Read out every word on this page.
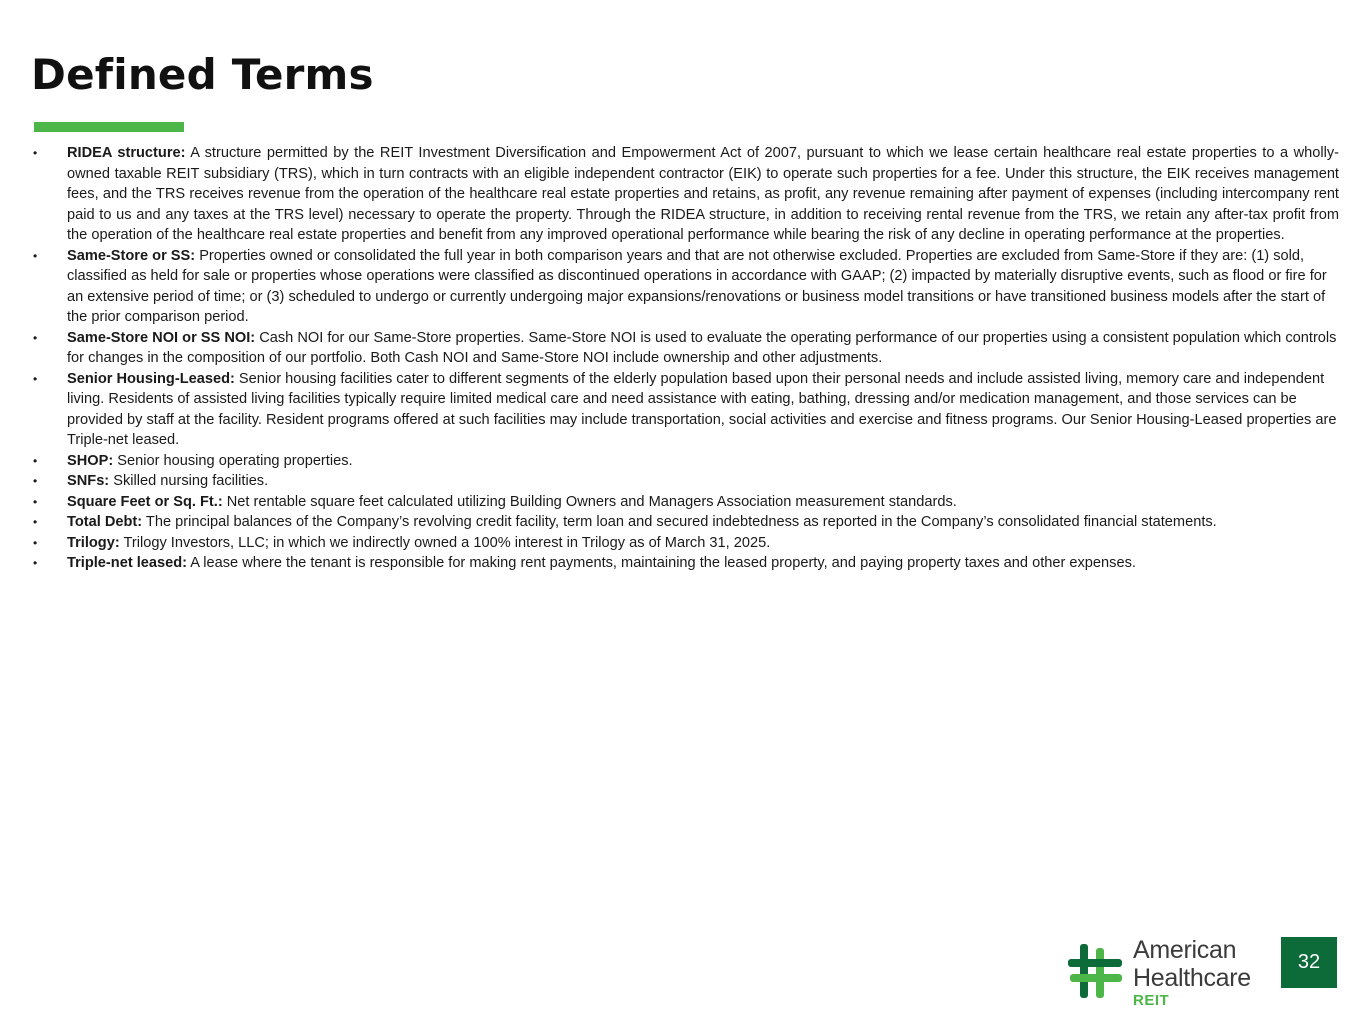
Defined Terms
• RIDEA structure: A structure permitted by the REIT Investment Diversification and Empowerment Act of 2007, pursuant to which we lease certain healthcare real estate properties to a wholly-owned taxable REIT subsidiary (TRS), which in turn contracts with an eligible independent contractor (EIK) to operate such properties for a fee. Under this structure, the EIK receives management fees, and the TRS receives revenue from the operation of the healthcare real estate properties and retains, as profit, any revenue remaining after payment of expenses (including intercompany rent paid to us and any taxes at the TRS level) necessary to operate the property. Through the RIDEA structure, in addition to receiving rental revenue from the TRS, we retain any after-tax profit from the operation of the healthcare real estate properties and benefit from any improved operational performance while bearing the risk of any decline in operating performance at the properties.
• Same-Store or SS: Properties owned or consolidated the full year in both comparison years and that are not otherwise excluded. Properties are excluded from Same-Store if they are: (1) sold, classified as held for sale or properties whose operations were classified as discontinued operations in accordance with GAAP; (2) impacted by materially disruptive events, such as flood or fire for an extensive period of time; or (3) scheduled to undergo or currently undergoing major expansions/renovations or business model transitions or have transitioned business models after the start of the prior comparison period.
• Same-Store NOI or SS NOI: Cash NOI for our Same-Store properties. Same-Store NOI is used to evaluate the operating performance of our properties using a consistent population which controls for changes in the composition of our portfolio. Both Cash NOI and Same-Store NOI include ownership and other adjustments.
• Senior Housing-Leased: Senior housing facilities cater to different segments of the elderly population based upon their personal needs and include assisted living, memory care and independent living. Residents of assisted living facilities typically require limited medical care and need assistance with eating, bathing, dressing and/or medication management, and those services can be provided by staff at the facility. Resident programs offered at such facilities may include transportation, social activities and exercise and fitness programs. Our Senior Housing-Leased properties are Triple-net leased.
• SHOP: Senior housing operating properties.
• SNFs: Skilled nursing facilities.
• Square Feet or Sq. Ft.: Net rentable square feet calculated utilizing Building Owners and Managers Association measurement standards.
• Total Debt: The principal balances of the Company’s revolving credit facility, term loan and secured indebtedness as reported in the Company’s consolidated financial statements.
• Trilogy: Trilogy Investors, LLC; in which we indirectly owned a 100% interest in Trilogy as of March 31, 2025.
• Triple-net leased: A lease where the tenant is responsible for making rent payments, maintaining the leased property, and paying property taxes and other expenses.
American
Healthcare
REIT
32
